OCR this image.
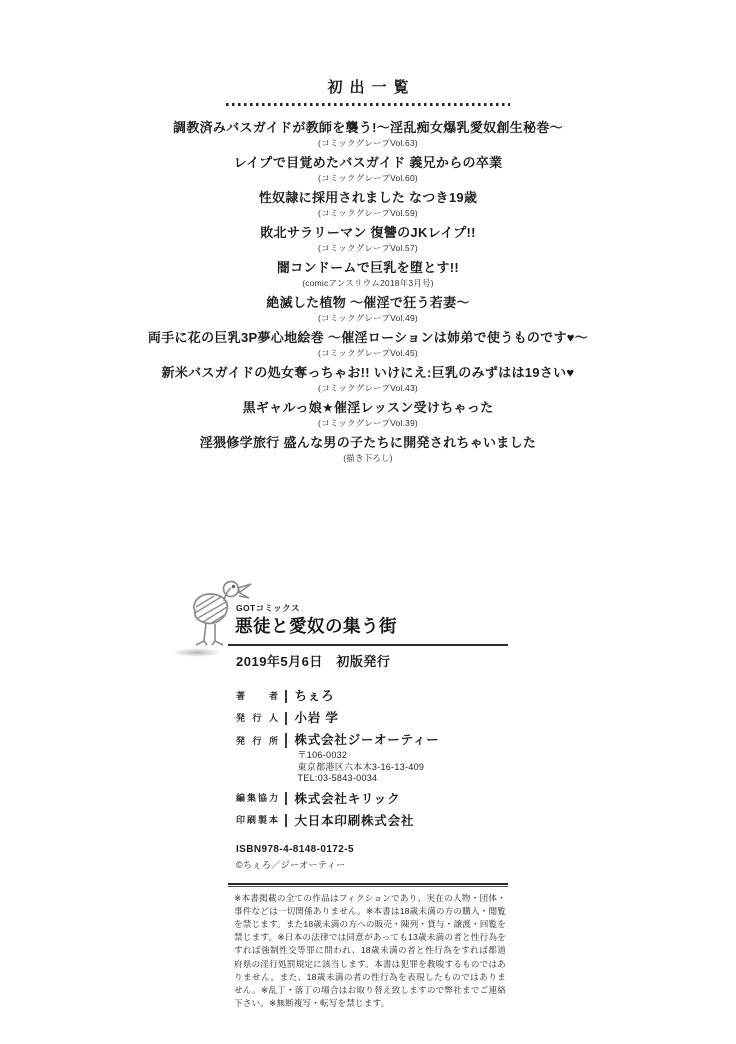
初出一覧
調教済みバスガイドが教師を襲う!～淫乱痴女爆乳愛奴創生秘巻～
(コミックグレープVol.63)
レイプで目覚めたバスガイド 義兄からの卒業
(コミックグレープVol.60)
性奴隷に採用されました なつき19歳
(コミックグレープVol.59)
敗北サラリーマン 復讐のJKレイプ!!
(コミックグレープVol.57)
闇コンドームで巨乳を堕とす!!
(comicアンスリウム2018年3月号)
絶滅した植物 ～催淫で狂う若妻～
(コミックグレープVol.49)
両手に花の巨乳3P夢心地絵巻 ～催淫ローションは姉弟で使うものです♥～
(コミックグレープVol.45)
新米バスガイドの処女奪っちゃお!! いけにえ:巨乳のみずはは19さい♥
(コミックグレープVol.43)
黒ギャルっ娘★催淫レッスン受けちゃった
(コミックグレープVol.39)
淫猥修学旅行 盛んな男の子たちに開発されちゃいました
(描き下ろし)
GOTコミックス
悪徒と愛奴の集う街
2019年5月6日　初版発行
著者 ちぇろ
発行人 小岩 学
発行所 株式会社ジーオーティー
〒106-0032
東京都港区六本木3-16-13-409
TEL:03-5843-0034
編集協力 株式会社キリック
印刷製本 大日本印刷株式会社
ISBN978-4-8148-0172-5
©ちぇろ／ジーオーティー

※本書掲載の全ての作品はフィクションであり、実在の人物・団体・事件などは一切関係ありません。※本書は18歳未満の方の購入・閲覧を禁じます。また18歳未満の方への販売・陳列・貸与・譲渡・回覧を禁じます。※日本の法律では同意があっても13歳未満の者と性行為をすれば強制性交等罪に問われ、18歳未満の者と性行為をすれば都道府県の淫行処罰規定に該当します。本書は犯罪を教唆するものではありません。また、18歳未満の者の性行為を表現したものではありません。※乱丁・落丁の場合はお取り替え致しますので弊社までご連絡下さい。※無断複写・転写を禁じます。
